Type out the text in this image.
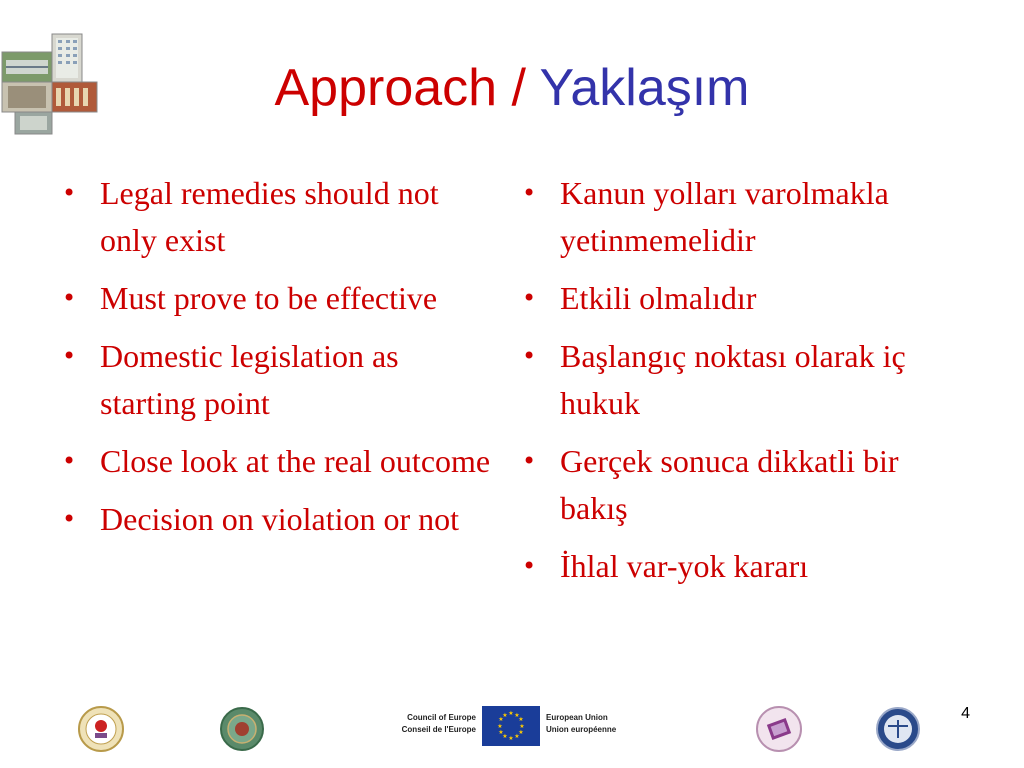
Approach / Yaklaşım
• Legal remedies should not only exist
• Must prove to be effective
• Domestic legislation as starting point
• Close look at the real outcome
• Decision on violation or not
• Kanun yolları varolmakla yetinmemelidir
• Etkili olmalıdır
• Başlangıç noktası olarak iç hukuk
• Gerçek sonuca dikkatli bir bakış
• İhlal var-yok kararı
Council of Europe
Conseil de l'Europe
★ ★
★
★
★
★
★
★
★
★
★
★	European Union
Union européenne
4
